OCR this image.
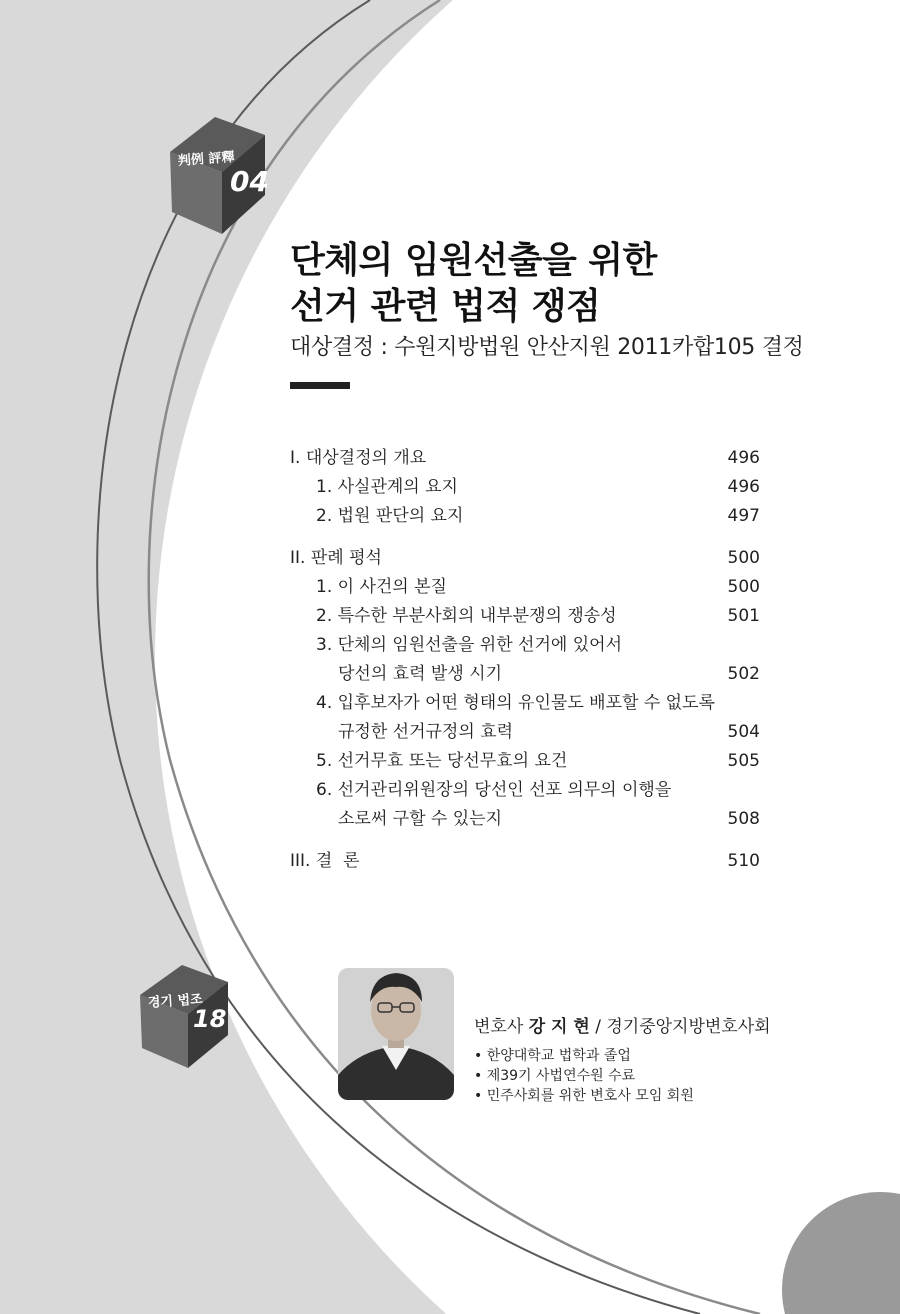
判例 評釋
04
경기 법조
18
단체의 임원선출을 위한
선거 관련 법적 쟁점
대상결정 : 수원지방법원 안산지원 2011카합105 결정
I. 대상결정의 개요	496
1. 사실관계의 요지	496
2. 법원 판단의 요지	497
II. 판례 평석	500
1. 이 사건의 본질	500
2. 특수한 부분사회의 내부분쟁의 쟁송성	501
3. 단체의 임원선출을 위한 선거에 있어서
당선의 효력 발생 시기	502
4. 입후보자가 어떤 형태의 유인물도 배포할 수 없도록
규정한 선거규정의 효력	504
5. 선거무효 또는 당선무효의 요건	505
6. 선거관리위원장의 당선인 선포 의무의 이행을
소로써 구할 수 있는지	508
III. 결  론	510
변호사 강 지 현 / 경기중앙지방변호사회
• 한양대학교 법학과 졸업
• 제39기 사법연수원 수료
• 민주사회를 위한 변호사 모임 회원
